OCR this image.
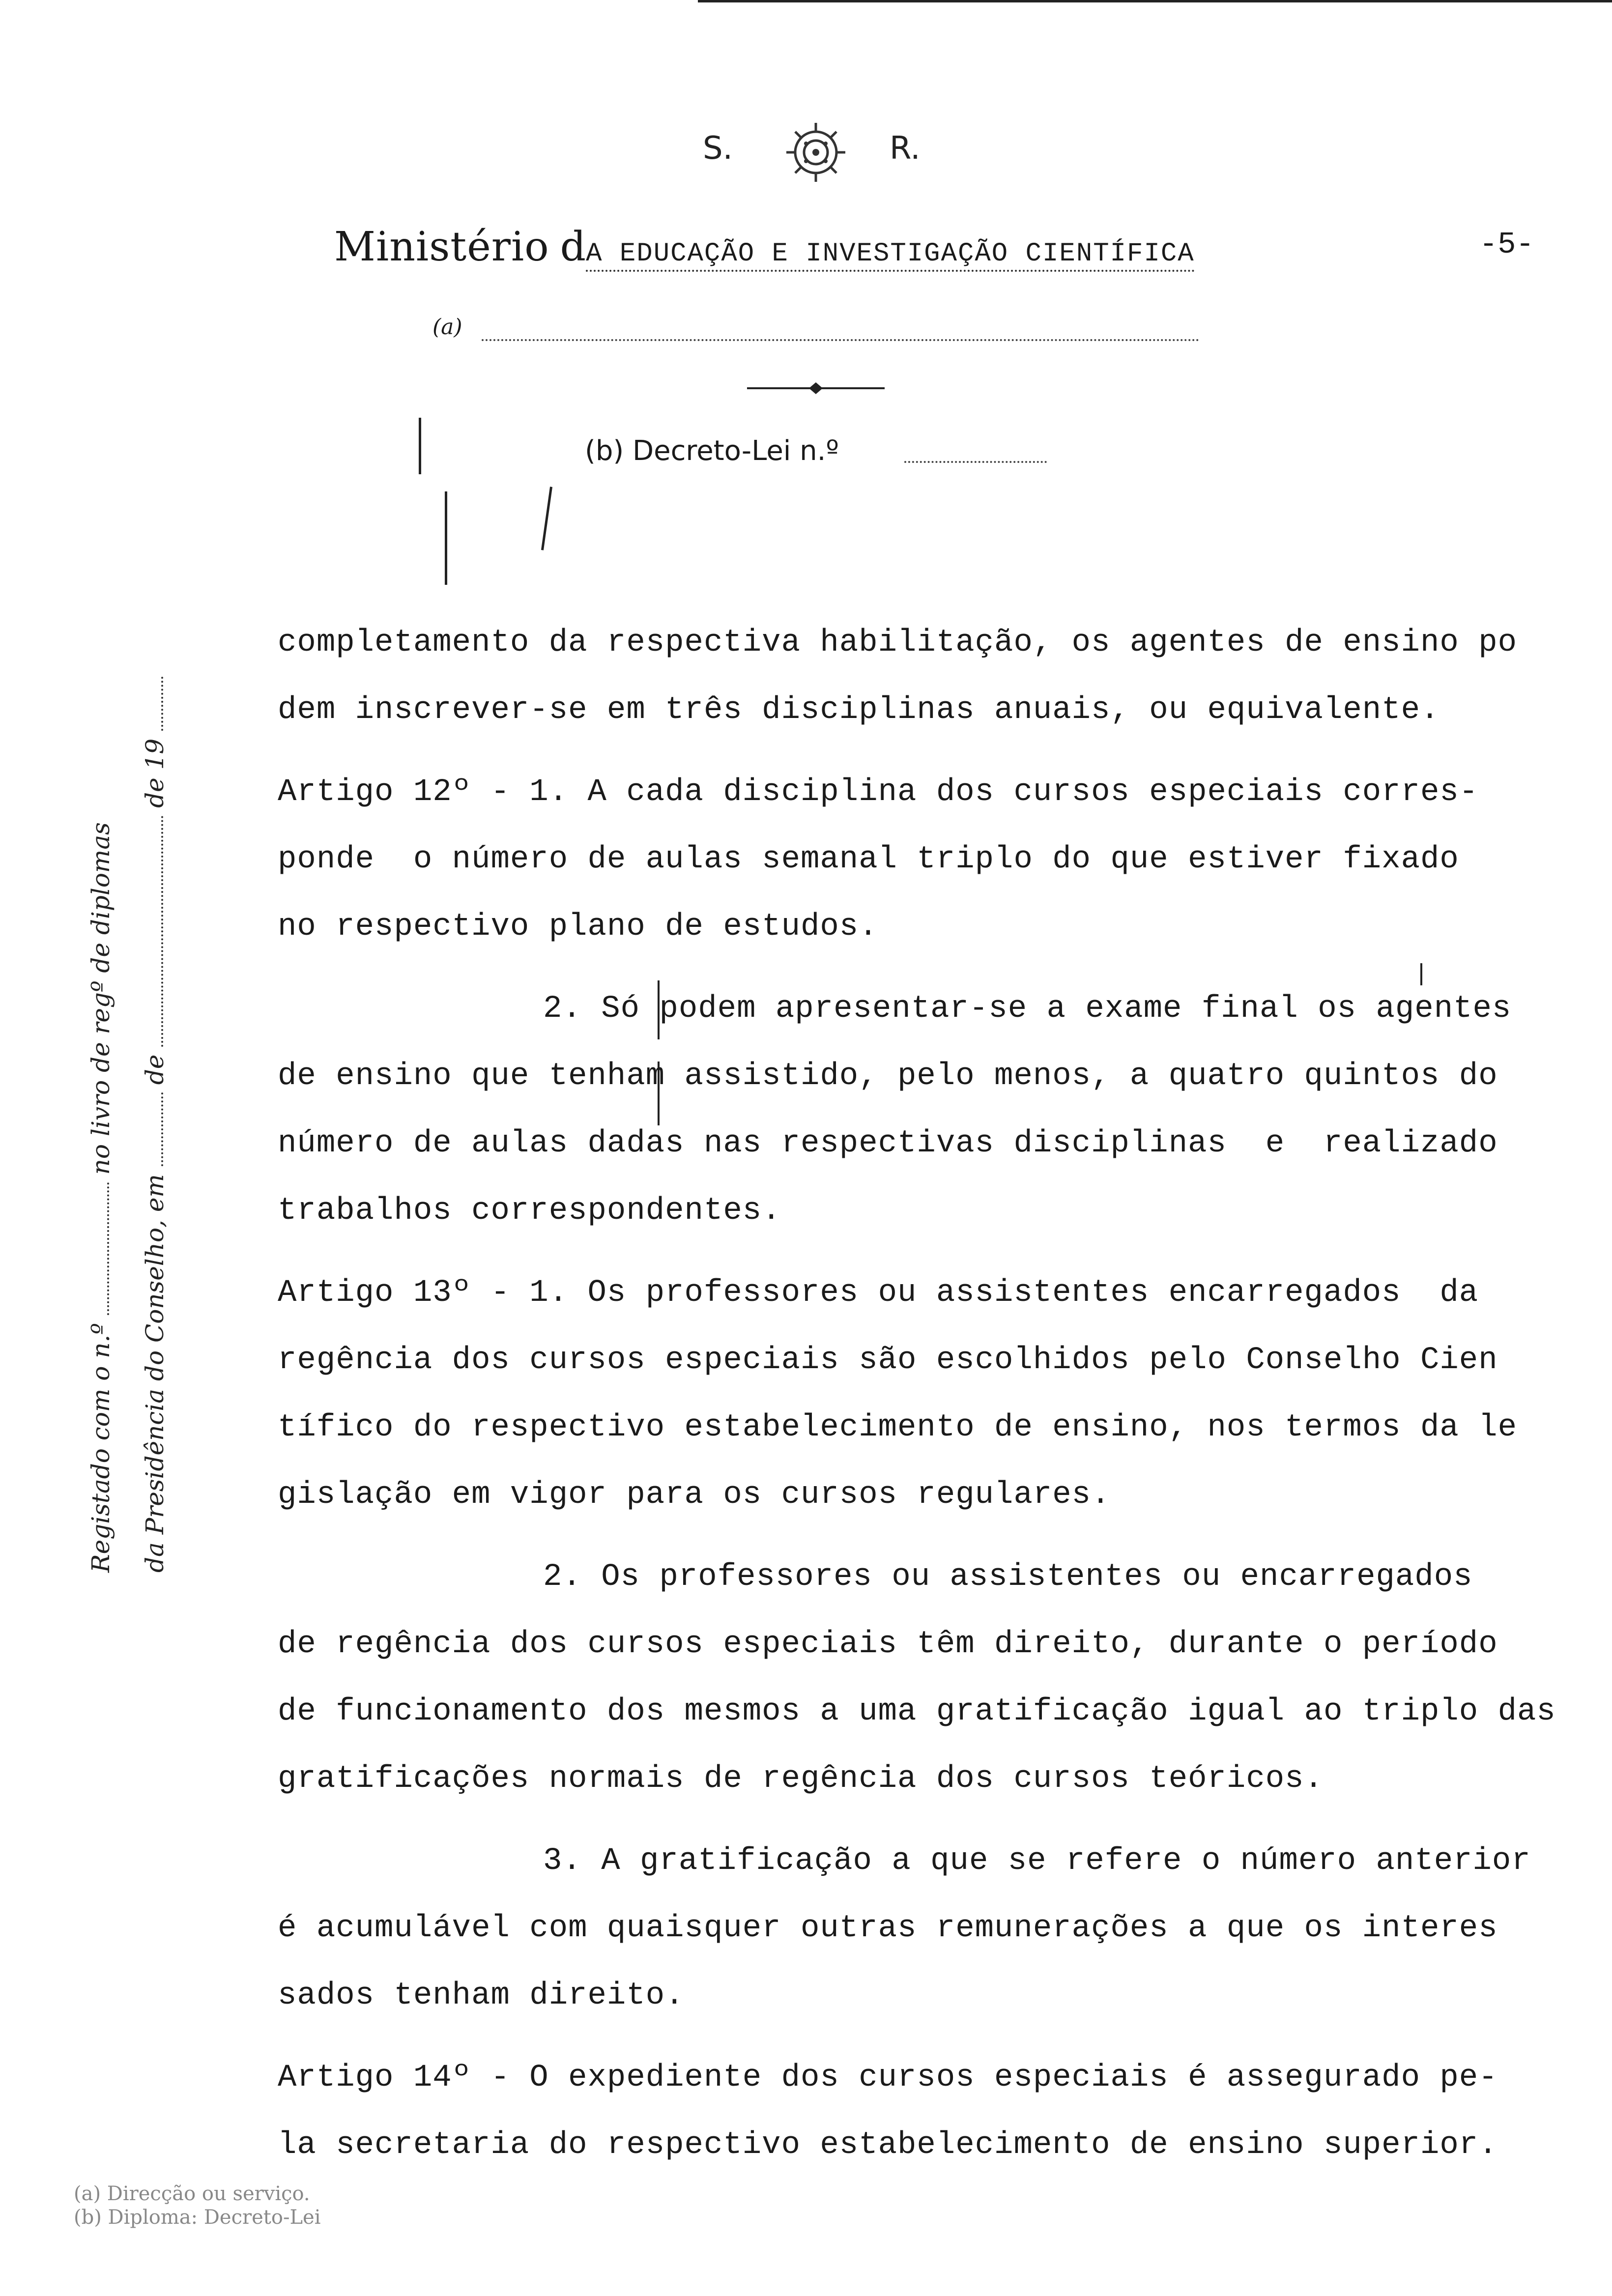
S.	R.
Ministério dA EDUCAÇÃO E INVESTIGAÇÃO CIENTÍFICA	-5-
(a)
(b) Decreto-Lei n.º
Registado com o n.º  no livro de regº de diplomas
da Presidência do Conselho, em  de  de 19

completamento da respectiva habilitação, os agentes de ensino po

dem inscrever-se em três disciplinas anuais, ou equivalente.

Artigo 12º - 1. A cada disciplina dos cursos especiais corres-

ponde  o número de aulas semanal triplo do que estiver fixado

no respectivo plano de estudos.

2. Só podem apresentar-se a exame final os agentes

de ensino que tenham assistido, pelo menos, a quatro quintos do

número de aulas dadas nas respectivas disciplinas  e  realizado

trabalhos correspondentes.

Artigo 13º - 1. Os professores ou assistentes encarregados  da

regência dos cursos especiais são escolhidos pelo Conselho Cien

tífico do respectivo estabelecimento de ensino, nos termos da le

gislação em vigor para os cursos regulares.

2. Os professores ou assistentes ou encarregados

de regência dos cursos especiais têm direito, durante o período

de funcionamento dos mesmos a uma gratificação igual ao triplo das

gratificações normais de regência dos cursos teóricos.

3. A gratificação a que se refere o número anterior

é acumulável com quaisquer outras remunerações a que os interes

sados tenham direito.

Artigo 14º - O expediente dos cursos especiais é assegurado pe-

la secretaria do respectivo estabelecimento de ensino superior.

(a) Direcção ou serviço.
(b) Diploma: Decreto-Lei
